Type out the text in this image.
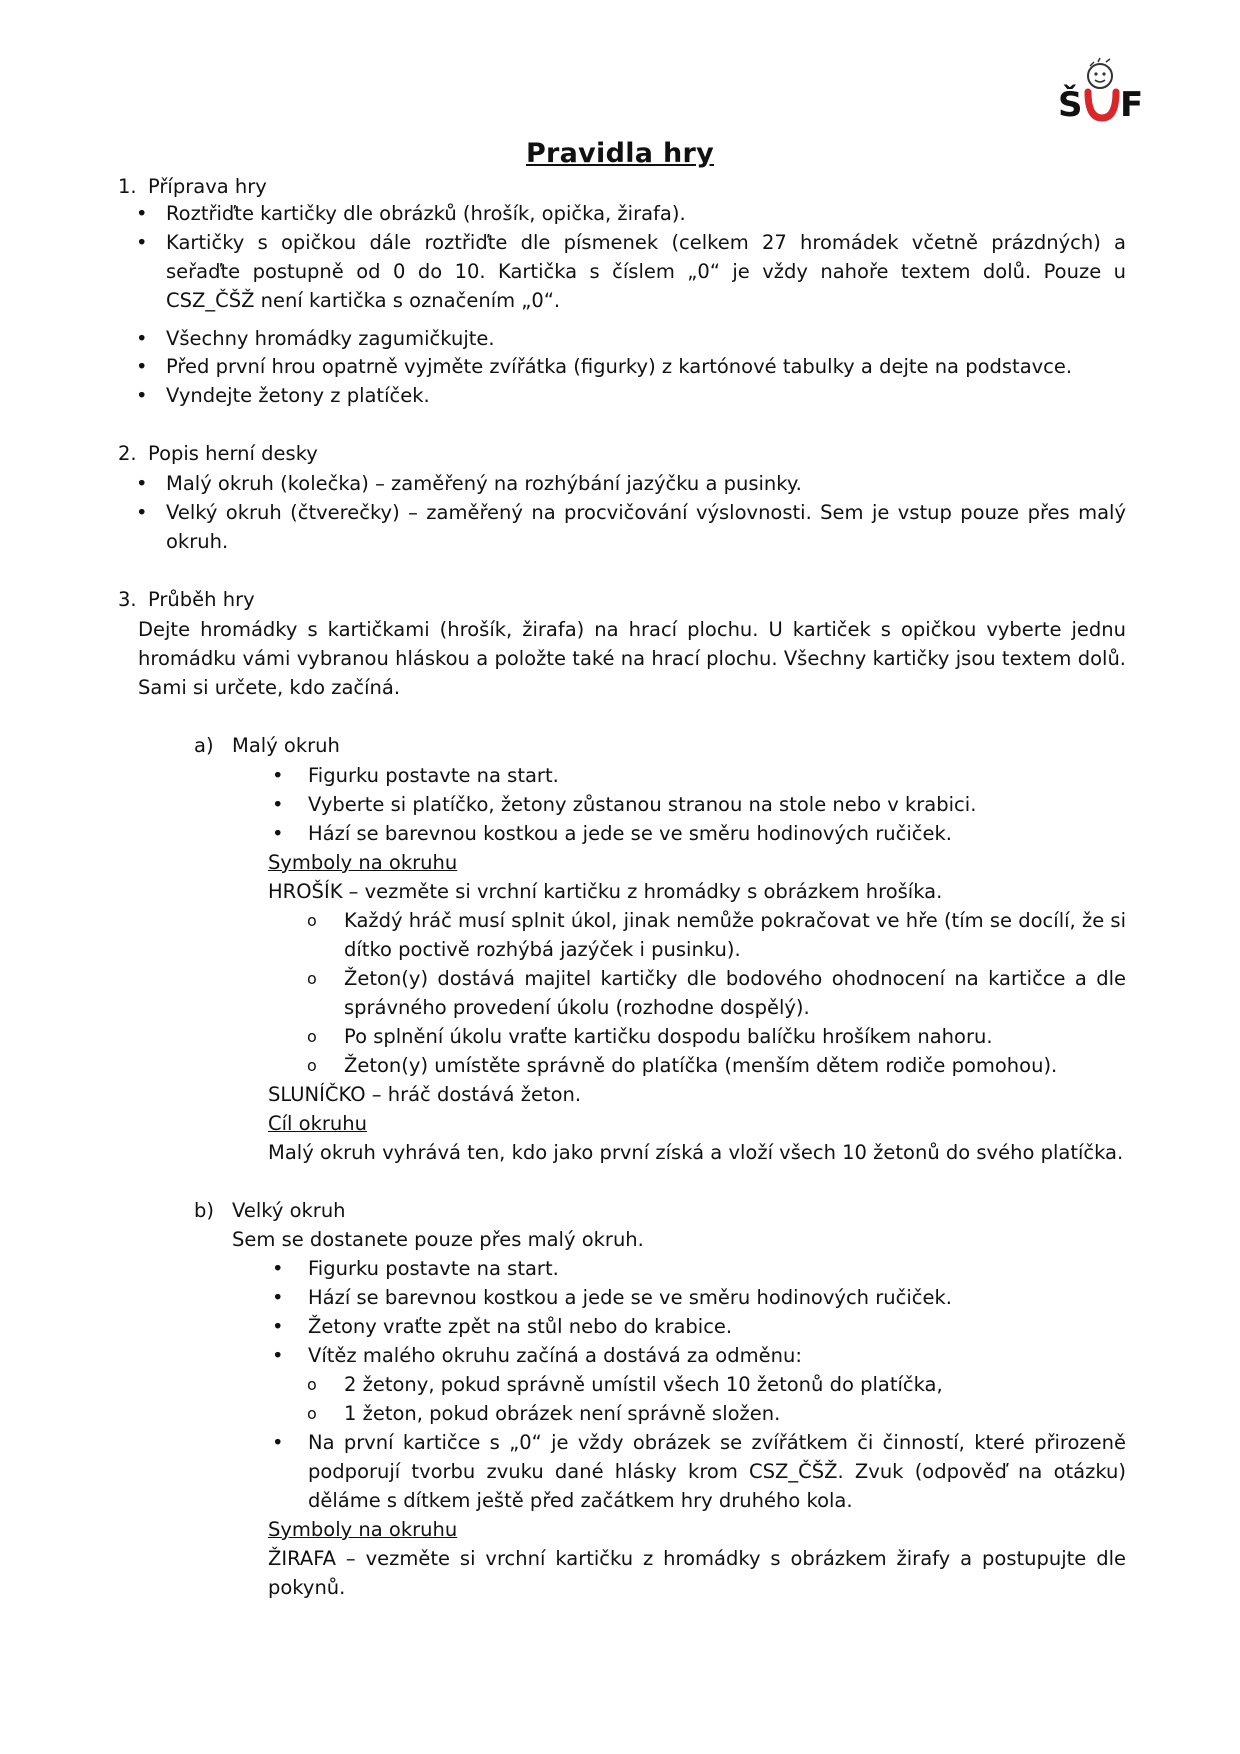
Š F
Pravidla hry
1. Příprava hry
• Roztřiďte kartičky dle obrázků (hrošík, opička, žirafa).
• Kartičky s opičkou dále roztřiďte dle písmenek (celkem 27 hromádek včetně prázdných) a
seřaďte postupně od 0 do 10. Kartička s číslem „0“ je vždy nahoře textem dolů. Pouze u
CSZ_ČŠŽ není kartička s označením „0“.
• Všechny hromádky zagumičkujte.
• Před první hrou opatrně vyjměte zvířátka (figurky) z kartónové tabulky a dejte na podstavce.
• Vyndejte žetony z platíček.
2. Popis herní desky
• Malý okruh (kolečka) – zaměřený na rozhýbání jazýčku a pusinky.
• Velký okruh (čtverečky) – zaměřený na procvičování výslovnosti. Sem je vstup pouze přes malý
okruh.
3. Průběh hry
Dejte hromádky s kartičkami (hrošík, žirafa) na hrací plochu. U kartiček s opičkou vyberte jednu
hromádku vámi vybranou hláskou a položte také na hrací plochu. Všechny kartičky jsou textem dolů.
Sami si určete, kdo začíná.
a) Malý okruh
• Figurku postavte na start.
• Vyberte si platíčko, žetony zůstanou stranou na stole nebo v krabici.
• Hází se barevnou kostkou a jede se ve směru hodinových ručiček.
Symboly na okruhu
HROŠÍK – vezměte si vrchní kartičku z hromádky s obrázkem hrošíka.
o Každý hráč musí splnit úkol, jinak nemůže pokračovat ve hře (tím se docílí, že si
dítko poctivě rozhýbá jazýček i pusinku).
o Žeton(y) dostává majitel kartičky dle bodového ohodnocení na kartičce a dle
správného provedení úkolu (rozhodne dospělý).
o Po splnění úkolu vraťte kartičku dospodu balíčku hrošíkem nahoru.
o Žeton(y) umístěte správně do platíčka (menším dětem rodiče pomohou).
SLUNÍČKO – hráč dostává žeton.
Cíl okruhu
Malý okruh vyhrává ten, kdo jako první získá a vloží všech 10 žetonů do svého platíčka.
b) Velký okruh
Sem se dostanete pouze přes malý okruh.
• Figurku postavte na start.
• Hází se barevnou kostkou a jede se ve směru hodinových ručiček.
• Žetony vraťte zpět na stůl nebo do krabice.
• Vítěz malého okruhu začíná a dostává za odměnu:
o 2 žetony, pokud správně umístil všech 10 žetonů do platíčka,
o 1 žeton, pokud obrázek není správně složen.
• Na první kartičce s „0“ je vždy obrázek se zvířátkem či činností, které přirozeně
podporují tvorbu zvuku dané hlásky krom CSZ_ČŠŽ. Zvuk (odpověď na otázku)
děláme s dítkem ještě před začátkem hry druhého kola.
Symboly na okruhu
ŽIRAFA – vezměte si vrchní kartičku z hromádky s obrázkem žirafy a postupujte dle
pokynů.
